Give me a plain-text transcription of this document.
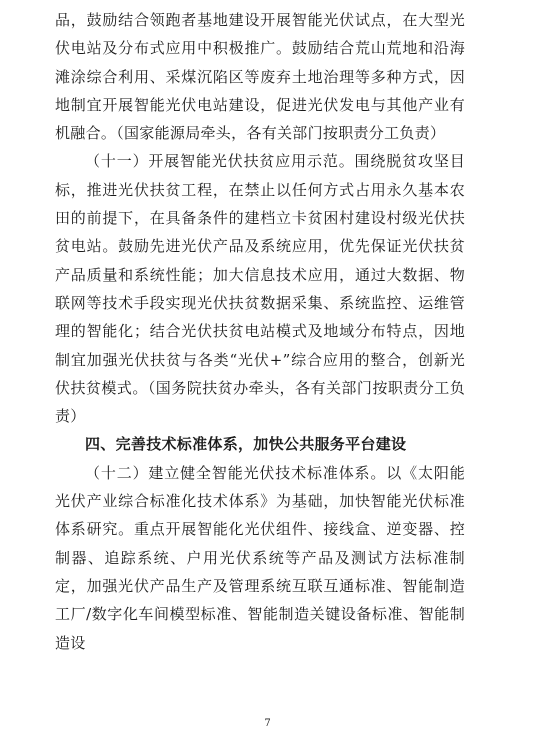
品，鼓励结合领跑者基地建设开展智能光伏试点，在大型光伏电站及分布式应用中积极推广。鼓励结合荒山荒地和沿海滩涂综合利用、采煤沉陷区等废弃土地治理等多种方式，因地制宜开展智能光伏电站建设，促进光伏发电与其他产业有机融合。（国家能源局牵头，各有关部门按职责分工负责）

（十一）开展智能光伏扶贫应用示范。围绕脱贫攻坚目标，推进光伏扶贫工程，在禁止以任何方式占用永久基本农田的前提下，在具备条件的建档立卡贫困村建设村级光伏扶贫电站。鼓励先进光伏产品及系统应用，优先保证光伏扶贫产品质量和系统性能；加大信息技术应用，通过大数据、物联网等技术手段实现光伏扶贫数据采集、系统监控、运维管理的智能化；结合光伏扶贫电站模式及地域分布特点，因地制宜加强光伏扶贫与各类“光伏+”综合应用的整合，创新光伏扶贫模式。（国务院扶贫办牵头，各有关部门按职责分工负责）

四、完善技术标准体系，加快公共服务平台建设

（十二）建立健全智能光伏技术标准体系。以《太阳能光伏产业综合标准化技术体系》为基础，加快智能光伏标准体系研究。重点开展智能化光伏组件、接线盒、逆变器、控制器、追踪系统、户用光伏系统等产品及测试方法标准制定，加强光伏产品生产及管理系统互联互通标准、智能制造工厂/数字化车间模型标准、智能制造关键设备标准、智能制造设

7
